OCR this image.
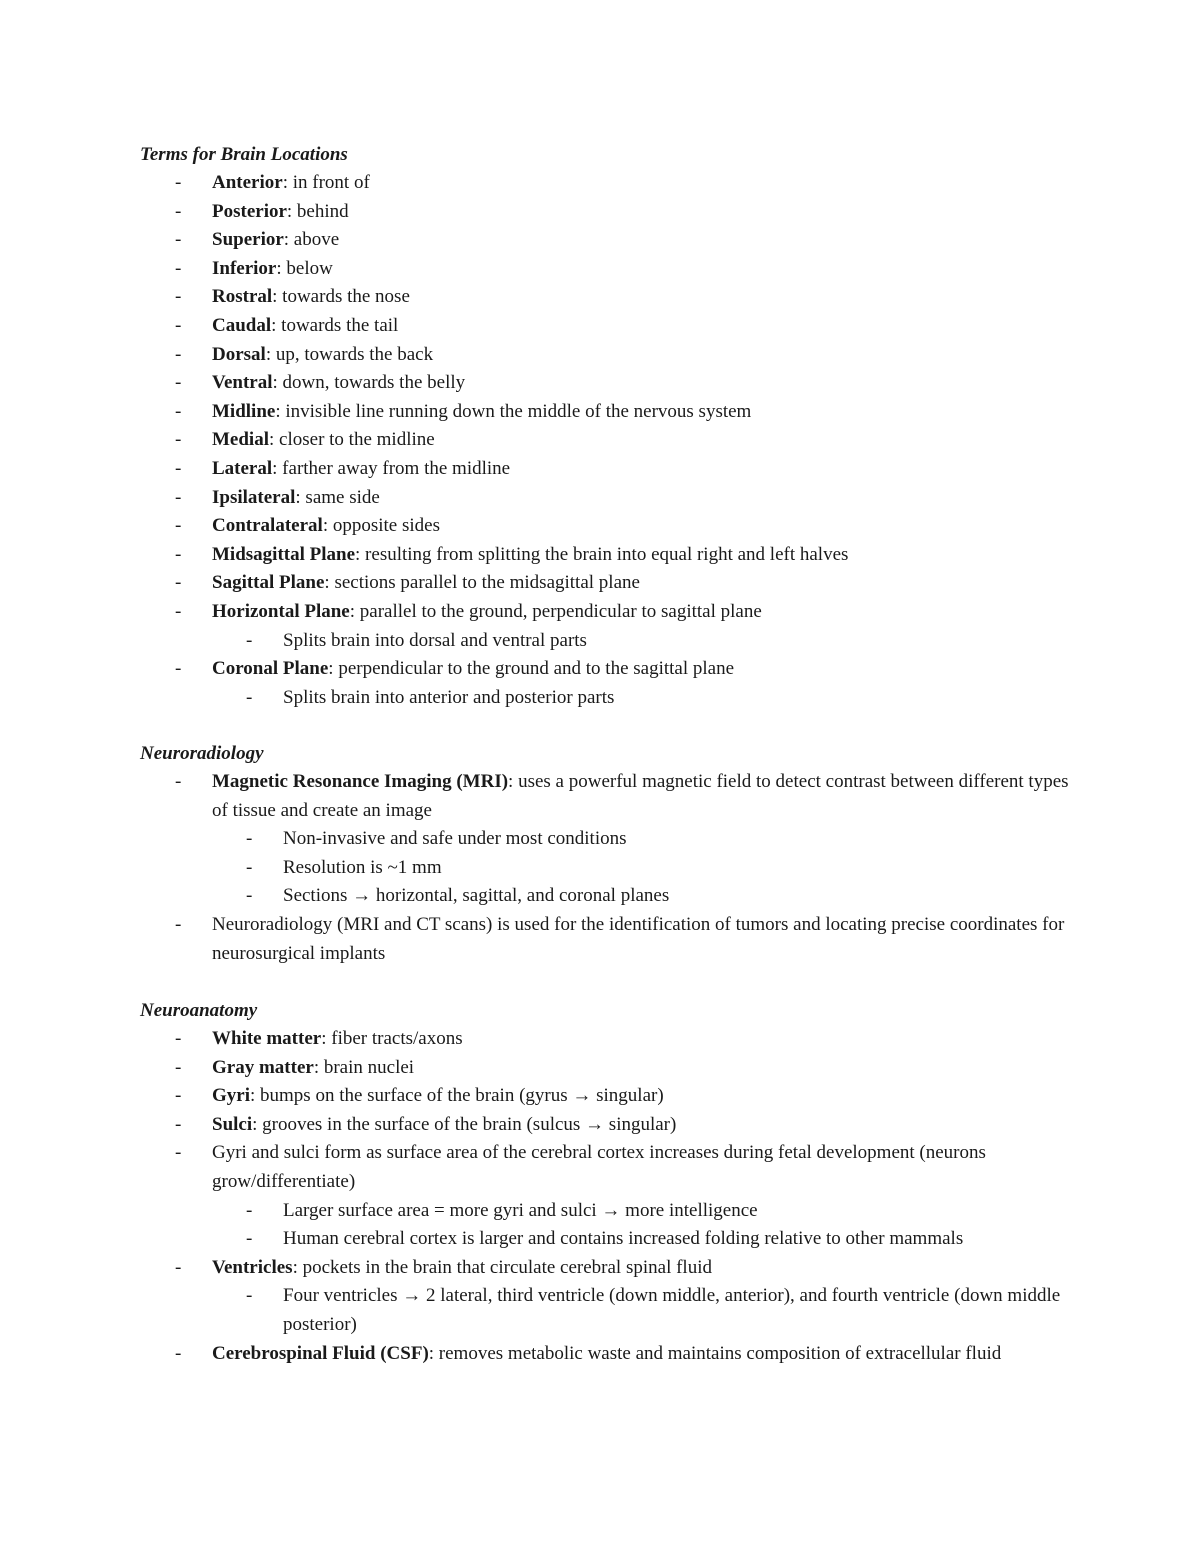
Terms for Brain Locations
- Anterior: in front of
- Posterior: behind
- Superior: above
- Inferior: below
- Rostral: towards the nose
- Caudal: towards the tail
- Dorsal: up, towards the back
- Ventral: down, towards the belly
- Midline: invisible line running down the middle of the nervous system
- Medial: closer to the midline
- Lateral: farther away from the midline
- Ipsilateral: same side
- Contralateral: opposite sides
- Midsagittal Plane: resulting from splitting the brain into equal right and left halves
- Sagittal Plane: sections parallel to the midsagittal plane
- Horizontal Plane: parallel to the ground, perpendicular to sagittal plane
- Splits brain into dorsal and ventral parts
- Coronal Plane: perpendicular to the ground and to the sagittal plane
- Splits brain into anterior and posterior parts
Neuroradiology
- Magnetic Resonance Imaging (MRI): uses a powerful magnetic field to detect contrast between different types of tissue and create an image
- Non-invasive and safe under most conditions
- Resolution is ~1 mm
- Sections → horizontal, sagittal, and coronal planes
- Neuroradiology (MRI and CT scans) is used for the identification of tumors and locating precise coordinates for neurosurgical implants
Neuroanatomy
- White matter: fiber tracts/axons
- Gray matter: brain nuclei
- Gyri: bumps on the surface of the brain (gyrus → singular)
- Sulci: grooves in the surface of the brain (sulcus → singular)
- Gyri and sulci form as surface area of the cerebral cortex increases during fetal development (neurons grow/differentiate)
- Larger surface area = more gyri and sulci → more intelligence
- Human cerebral cortex is larger and contains increased folding relative to other mammals
- Ventricles: pockets in the brain that circulate cerebral spinal fluid
- Four ventricles → 2 lateral, third ventricle (down middle, anterior), and fourth ventricle (down middle posterior)
- Cerebrospinal Fluid (CSF): removes metabolic waste and maintains composition of extracellular fluid
